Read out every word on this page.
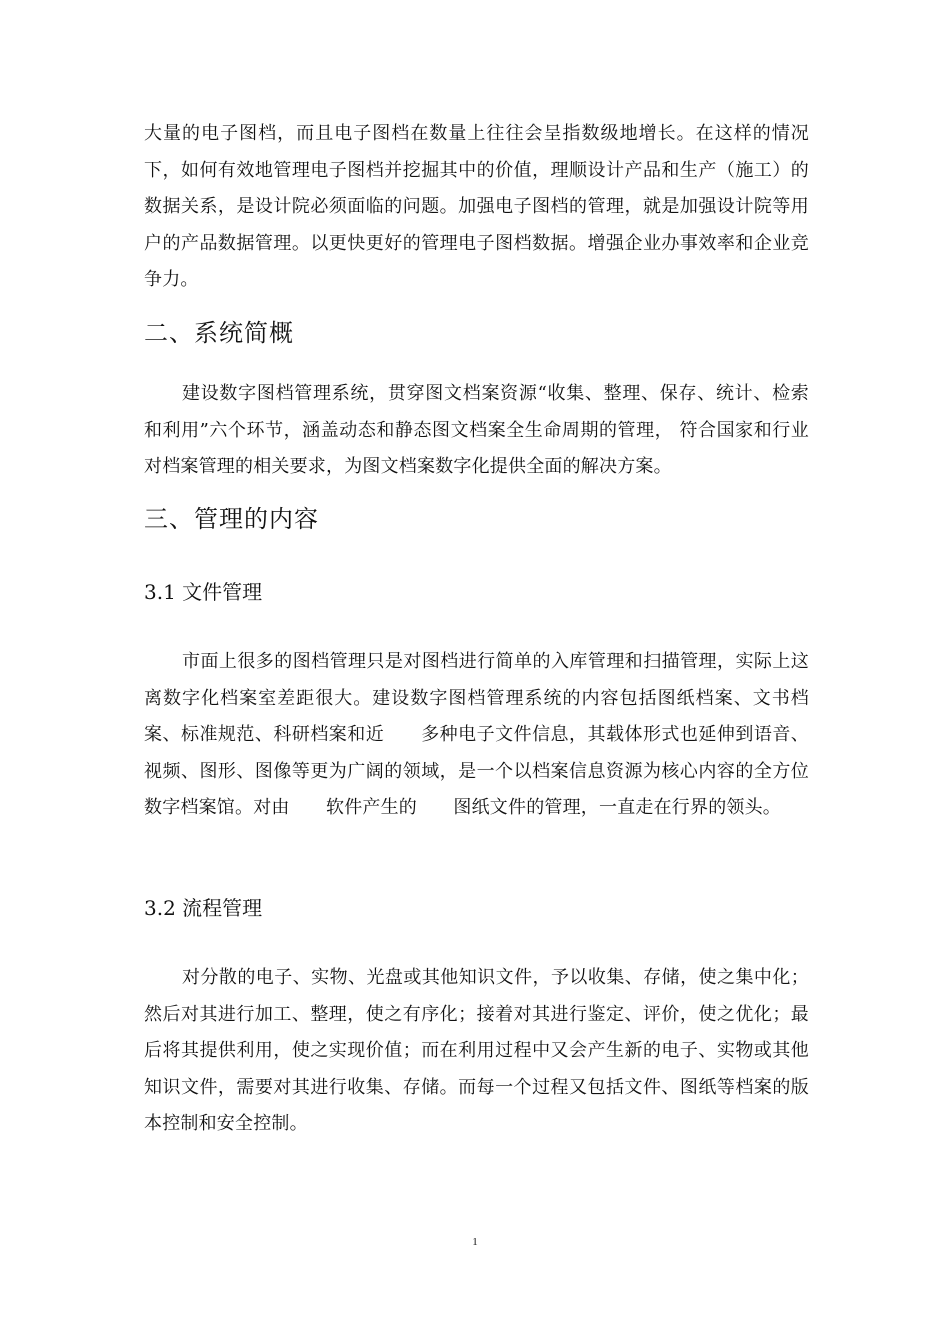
大量的电子图档，而且电子图档在数量上往往会呈指数级地增长。在这样的情况下，如何有效地管理电子图档并挖掘其中的价值，理顺设计产品和生产（施工）的数据关系，是设计院必须面临的问题。加强电子图档的管理，就是加强设计院等用户的产品数据管理。以更快更好的管理电子图档数据。增强企业办事效率和企业竞争力。

二、系统简概

建设数字图档管理系统，贯穿图文档案资源“收集、整理、保存、统计、检索和利用”六个环节，涵盖动态和静态图文档案全生命周期的管理， 符合国家和行业对档案管理的相关要求，为图文档案数字化提供全面的解决方案。

三、管理的内容
3.1 文件管理

市面上很多的图档管理只是对图档进行简单的入库管理和扫描管理，实际上这离数字化档案室差距很大。建设数字图档管理系统的内容包括图纸档案、文书档案、标准规范、科研档案和近　　多种电子文件信息，其载体形式也延伸到语音、视频、图形、图像等更为广阔的领域，是一个以档案信息资源为核心内容的全方位数字档案馆。对由　　软件产生的　　图纸文件的管理，一直走在行界的领头。

3.2 流程管理

对分散的电子、实物、光盘或其他知识文件，予以收集、存储，使之集中化；然后对其进行加工、整理，使之有序化；接着对其进行鉴定、评价，使之优化；最后将其提供利用，使之实现价值；而在利用过程中又会产生新的电子、实物或其他知识文件，需要对其进行收集、存储。而每一个过程又包括文件、图纸等档案的版本控制和安全控制。

1
